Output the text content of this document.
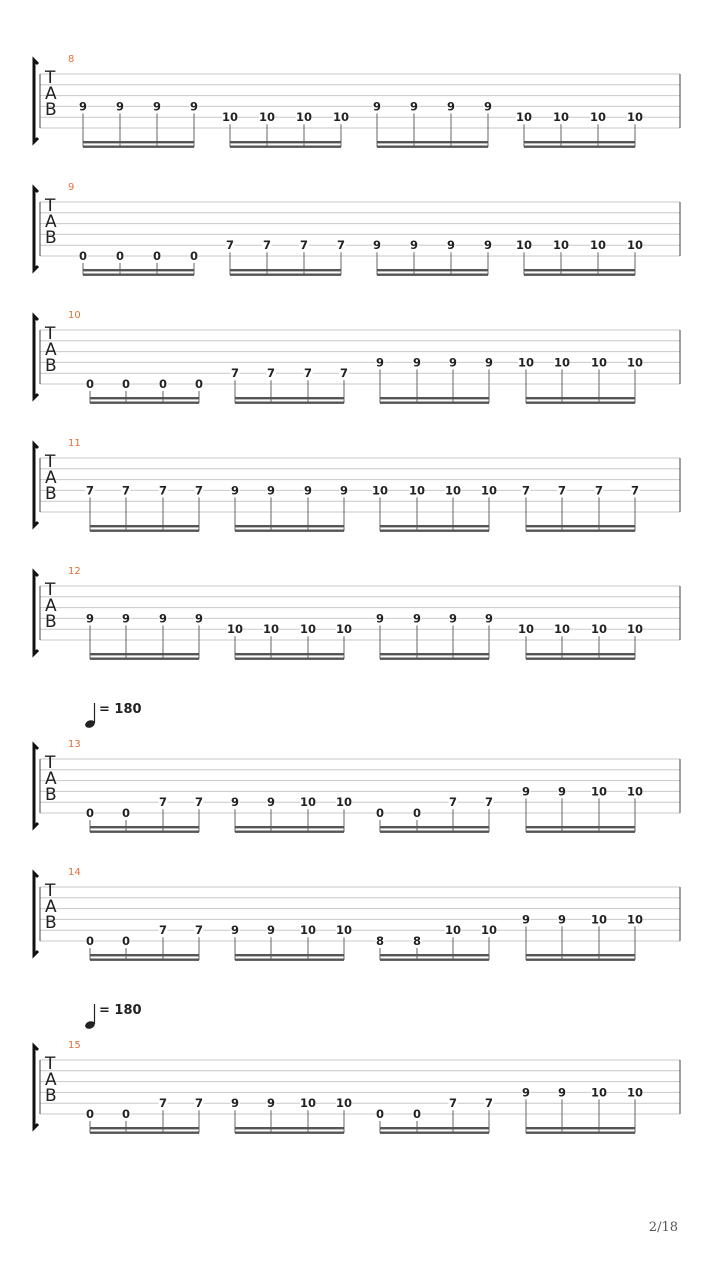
8
T
A
B 9	9	9	9
10 10 10 10
9	9	9	9
10 10 10 10
9
T
A
B
0	0	0	0
7	7	7	7 9	9	9	9 10 10 10 10
10
T
A
B
0 0	0 0
7 7	7 7
9	9 9 9 10 10 10 10
11
T
A
B	7 7	7 7 9 9	9 9 10 10 10 10 7 7	7 7
12
T
A
B	9 9	9 9
10 10 10 10
9	9 9 9
10 10 10 10
13
= 180
T
A
B
0 0
7 7 9 9 10 10
0	0
7 7
9 9 10 10
14
T
A
B
0 0
7 7 9 9 10 10
8	8
10 10
9 9 10 10
15
= 180
T
A
B
0 0
7 7 9 9 10 10
0	0
7 7
9 9 10 10
2/18
